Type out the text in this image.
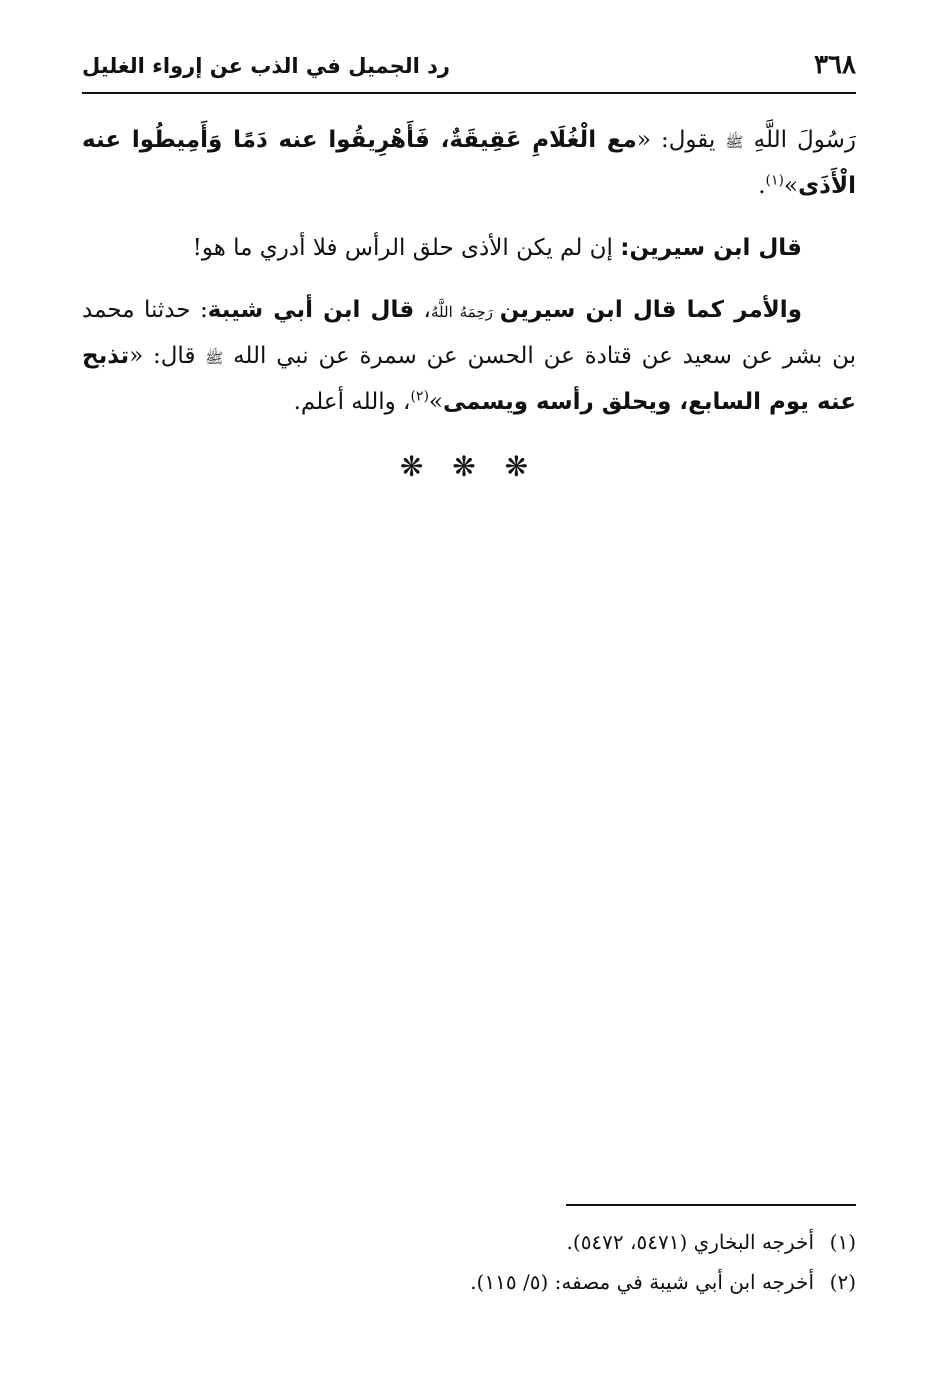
٣٦٨
رد الجميل في الذب عن إرواء الغليل

رَسُولَ اللَّهِ ﷺ يقول: «مع الْغُلَامِ عَقِيقَةٌ، فَأَهْرِيقُوا عنه دَمًا وَأَمِيطُوا عنه الْأَذَى»$^{(١)}$.

قال ابن سيرين: إن لم يكن الأذى حلق الرأس فلا أدري ما هو!

والأمر كما قال ابن سيرين رَحِمَهُ اللَّهُ، قال ابن أبي شيبة: حدثنا محمد بن بشر عن سعيد عن قتادة عن الحسن عن سمرة عن نبي الله ﷺ قال: «تذبح عنه يوم السابع، ويحلق رأسه ويسمى»$^{(٢)}$، والله أعلم.

❋ ❋ ❋
(١)أخرجه البخاري (٥٤٧١، ٥٤٧٢).
(٢)أخرجه ابن أبي شيبة في مصفه: (٥/ ١١٥).
